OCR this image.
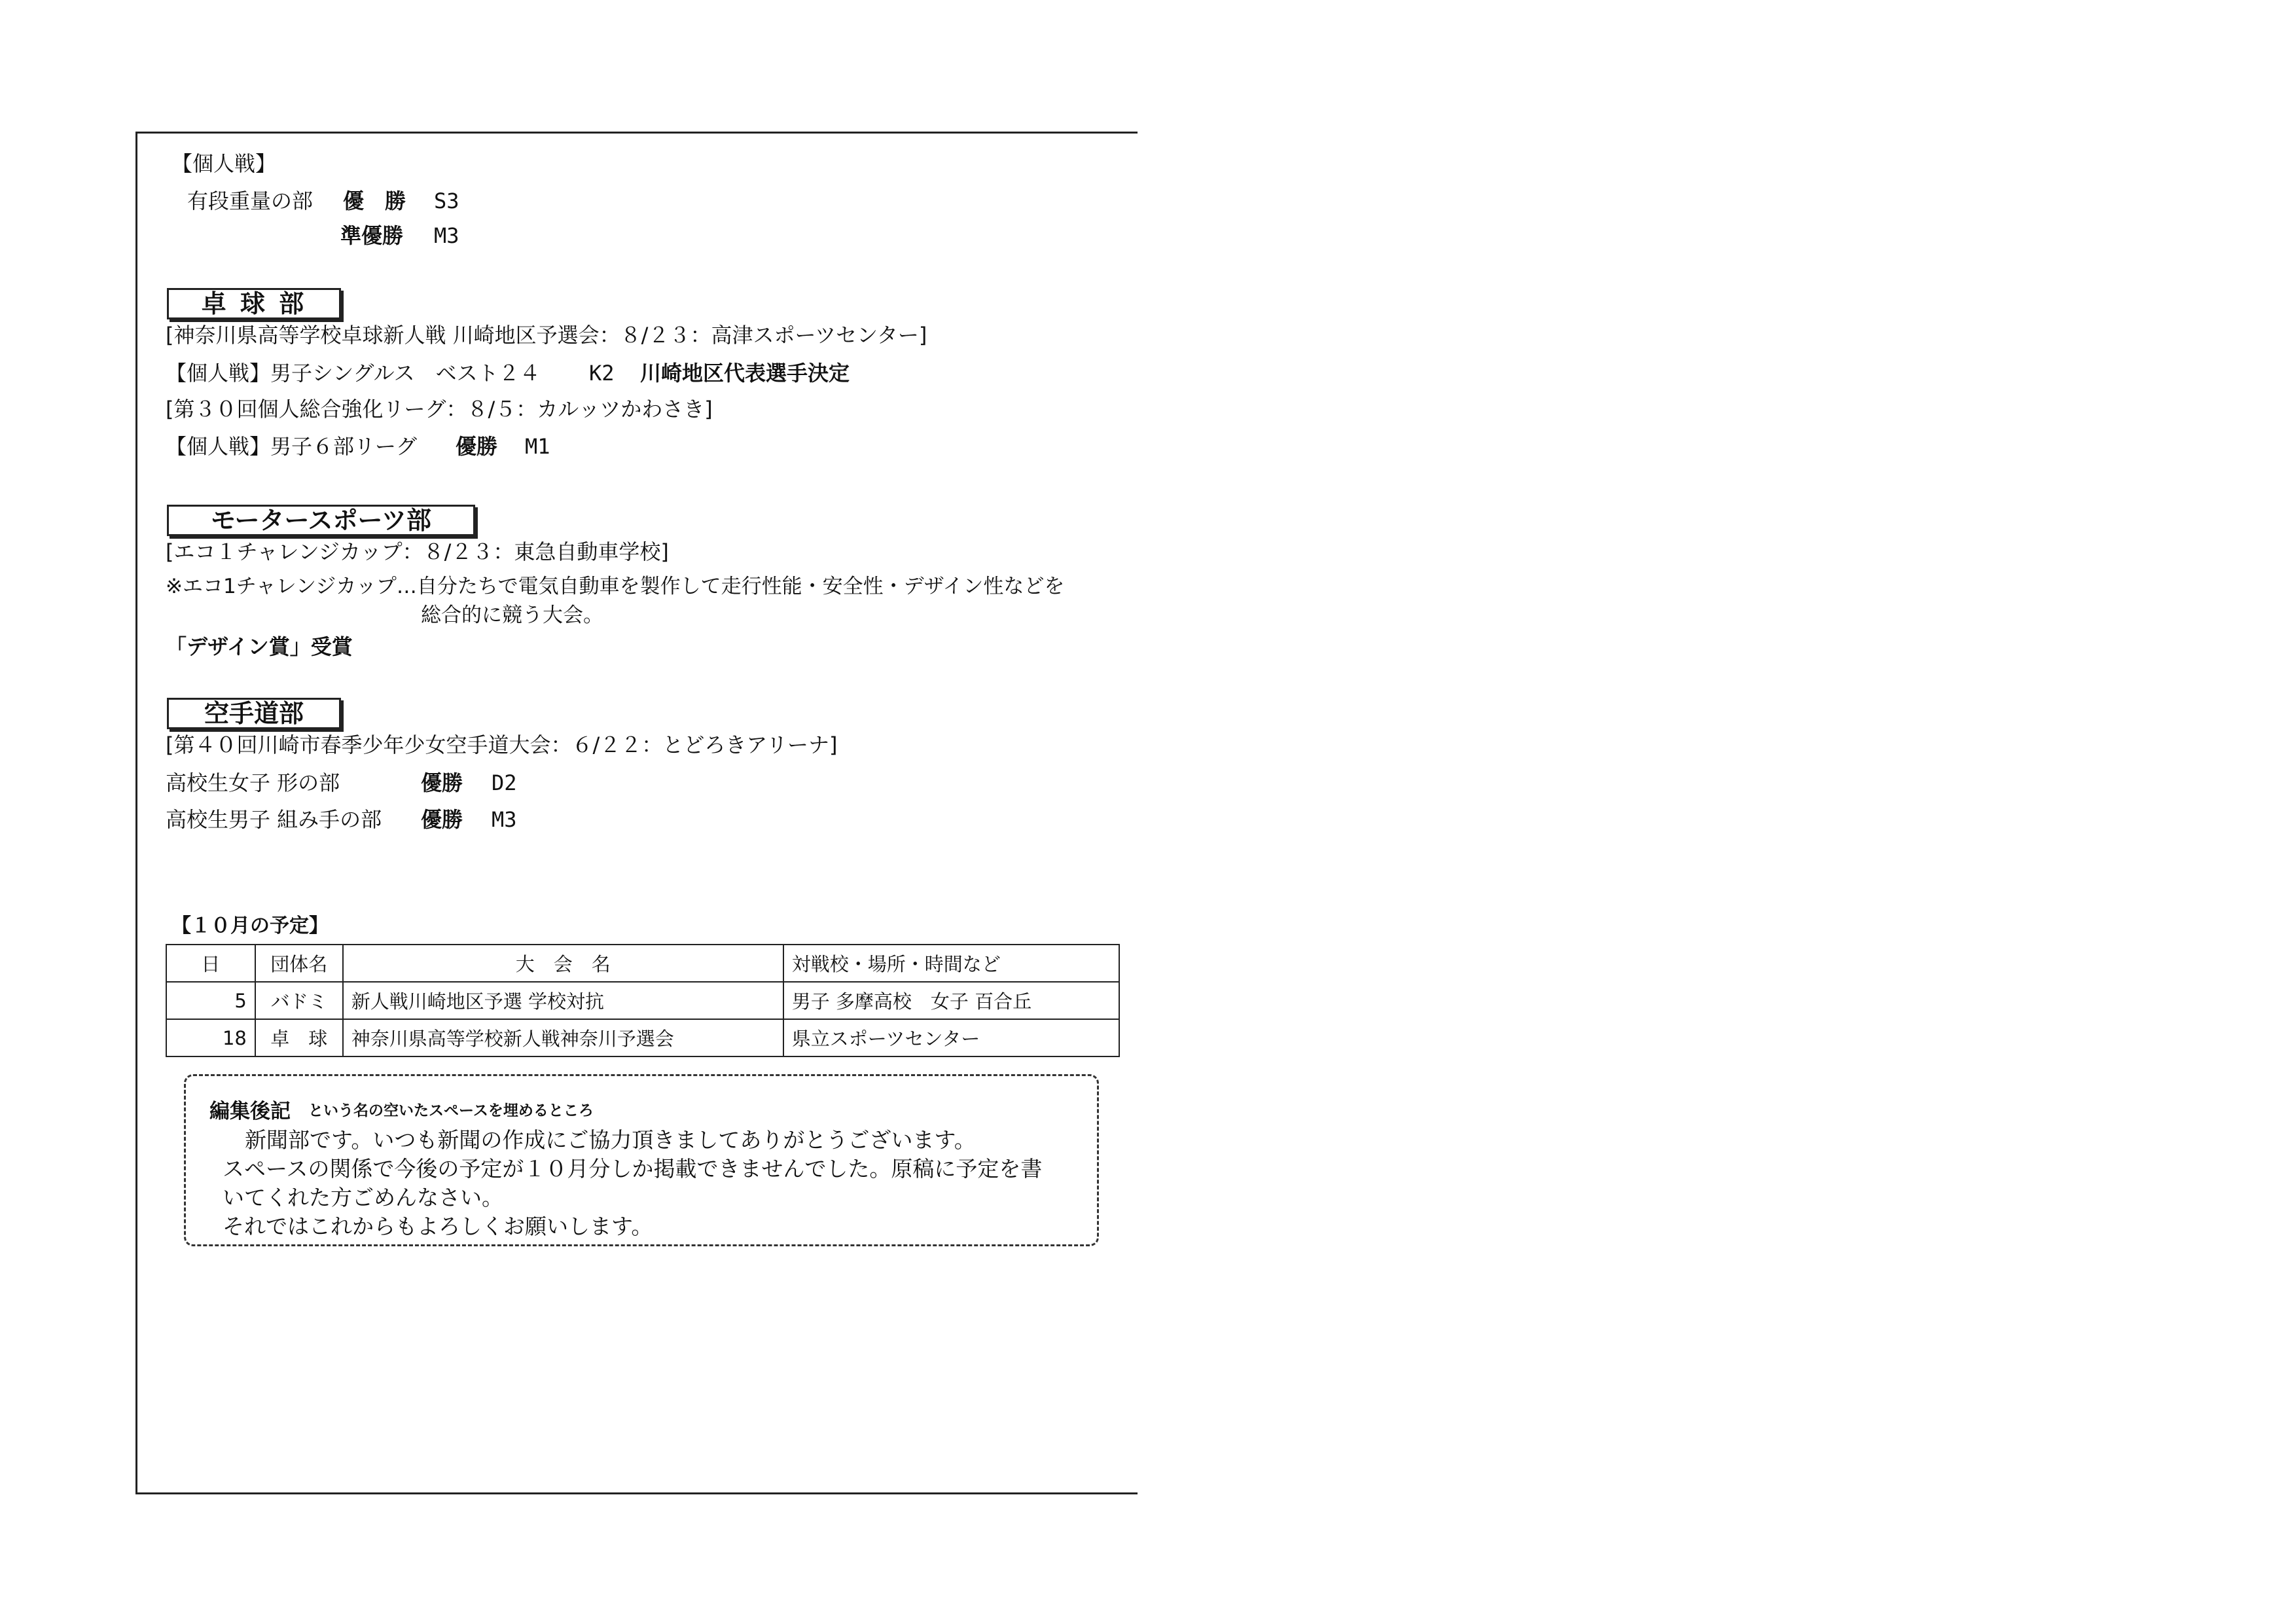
【個人戦】
有段重量の部 優　勝 S3
準優勝 M3
卓 球 部
[神奈川県高等学校卓球新人戦 川崎地区予選会：８/２３：高津スポーツセンター]
【個人戦】男子シングルス　ベスト２４ K2 川崎地区代表選手決定
[第３０回個人総合強化リーグ：８/５：カルッツかわさき]
【個人戦】男子６部リーグ 優勝 M1
モータースポーツ部
[エコ１チャレンジカップ：８/２３：東急自動車学校]
※エコ1チャレンジカップ…自分たちで電気自動車を製作して走行性能・安全性・デザイン性などを
総合的に競う大会。
「デザイン賞」受賞
空手道部
[第４０回川崎市春季少年少女空手道大会：６/２２：とどろきアリーナ]
高校生女子 形の部	優勝 D2
高校生男子 組み手の部 優勝 M3
【１０月の予定】
日	団体名	大　会　名	対戦校・場所・時間など
5	バドミ	新人戦川崎地区予選 学校対抗	男子 多摩高校　女子 百合丘
18	卓　球	神奈川県高等学校新人戦神奈川予選会	県立スポーツセンター
編集後記 という名の空いたスペースを埋めるところ
新聞部です。いつも新聞の作成にご協力頂きましてありがとうございます。
スペースの関係で今後の予定が１０月分しか掲載できませんでした。原稿に予定を書
いてくれた方ごめんなさい。
それではこれからもよろしくお願いします。
